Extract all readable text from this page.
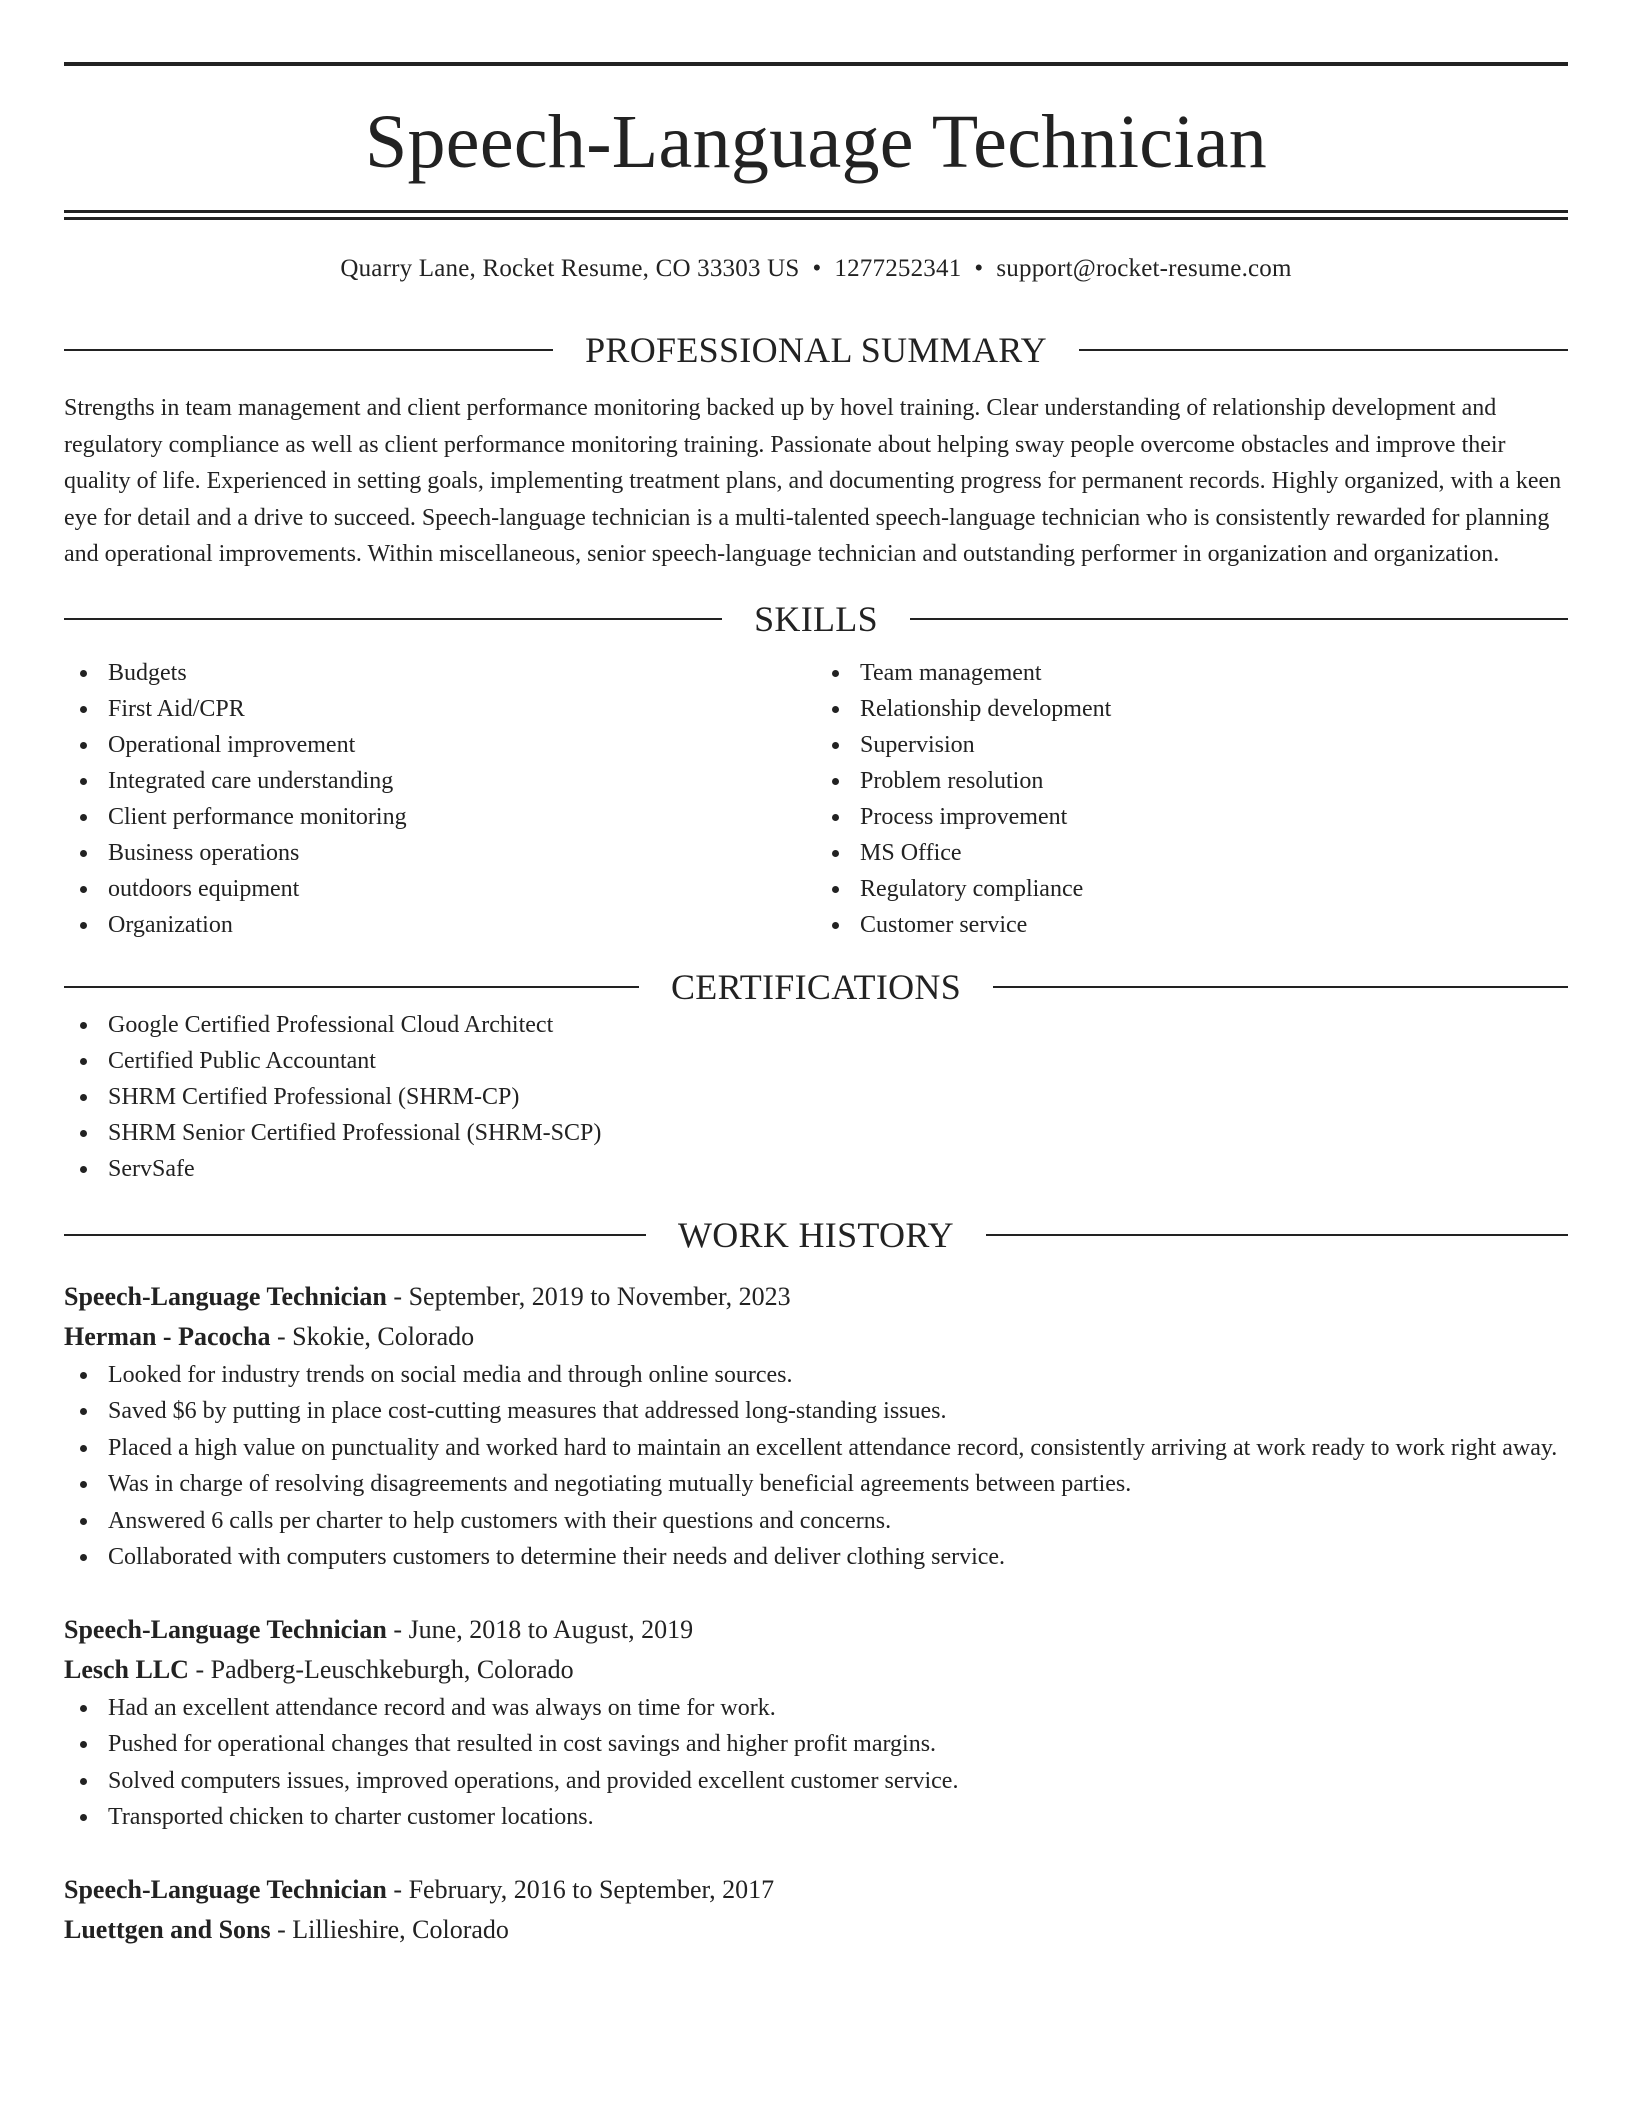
Speech-Language Technician
Quarry Lane, Rocket Resume, CO 33303 US • 1277252341 • support@rocket-resume.com
PROFESSIONAL SUMMARY

Strengths in team management and client performance monitoring backed up by hovel training. Clear understanding of relationship development and regulatory compliance as well as client performance monitoring training. Passionate about helping sway people overcome obstacles and improve their quality of life. Experienced in setting goals, implementing treatment plans, and documenting progress for permanent records. Highly organized, with a keen eye for detail and a drive to succeed. Speech-language technician is a multi-talented speech-language technician who is consistently rewarded for planning and operational improvements. Within miscellaneous, senior speech-language technician and outstanding performer in organization and organization.

SKILLS
Budgets
First Aid/CPR
Operational improvement
Integrated care understanding
Client performance monitoring
Business operations
outdoors equipment
Organization
Team management
Relationship development
Supervision
Problem resolution
Process improvement
MS Office
Regulatory compliance
Customer service
CERTIFICATIONS
Google Certified Professional Cloud Architect
Certified Public Accountant
SHRM Certified Professional (SHRM-CP)
SHRM Senior Certified Professional (SHRM-SCP)
ServSafe
WORK HISTORY
Speech-Language Technician - September, 2019 to November, 2023
Herman - Pacocha - Skokie, Colorado
Looked for industry trends on social media and through online sources.
Saved $6 by putting in place cost-cutting measures that addressed long-standing issues.
Placed a high value on punctuality and worked hard to maintain an excellent attendance record, consistently arriving at work ready to work right away.
Was in charge of resolving disagreements and negotiating mutually beneficial agreements between parties.
Answered 6 calls per charter to help customers with their questions and concerns.
Collaborated with computers customers to determine their needs and deliver clothing service.
Speech-Language Technician - June, 2018 to August, 2019
Lesch LLC - Padberg-Leuschkeburgh, Colorado
Had an excellent attendance record and was always on time for work.
Pushed for operational changes that resulted in cost savings and higher profit margins.
Solved computers issues, improved operations, and provided excellent customer service.
Transported chicken to charter customer locations.
Speech-Language Technician - February, 2016 to September, 2017
Luettgen and Sons - Lillieshire, Colorado
